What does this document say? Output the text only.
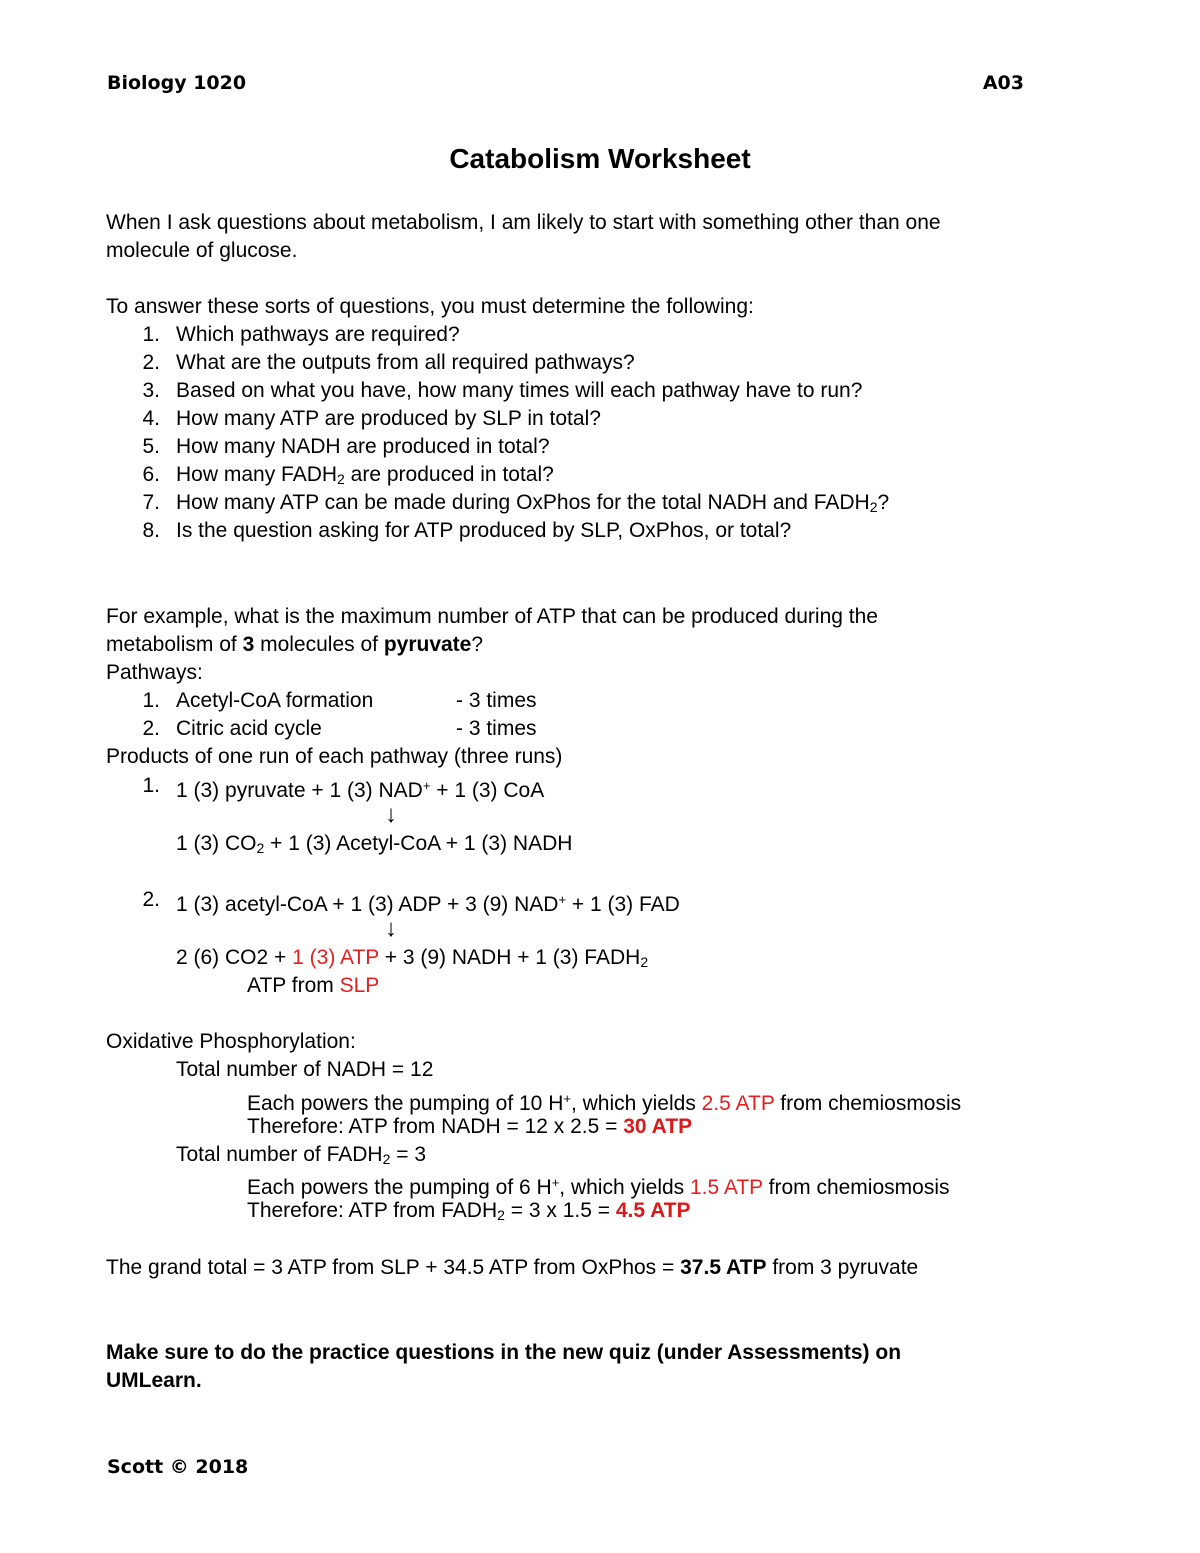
Biology 1020	A03
Catabolism Worksheet
When I ask questions about metabolism, I am likely to start with something other than one
molecule of glucose.
To answer these sorts of questions, you must determine the following:
1. Which pathways are required?
2. What are the outputs from all required pathways?
3. Based on what you have, how many times will each pathway have to run?
4. How many ATP are produced by SLP in total?
5. How many NADH are produced in total?
6. How many $FADH_2$ are produced in total?
7. How many ATP can be made during OxPhos for the total NADH and $FADH_2$?
8. Is the question asking for ATP produced by SLP, OxPhos, or total?
For example, what is the maximum number of ATP that can be produced during the
metabolism of 3 molecules of pyruvate?
Pathways:
1. Acetyl-CoA formation	- 3 times
2. Citric acid cycle	- 3 times
Products of one run of each pathway (three runs)
1. 1 (3) pyruvate + 1 (3) NAD+ + 1 (3) CoA
↓
1 (3) $CO_2 + 1$ (3) Acetyl-CoA + 1 (3) NADH
2. 1 (3) acetyl-CoA + 1 (3) ADP + 3 (9) NAD+ + 1 (3) FAD
↓
2 (6) CO2 + 1 (3) ATP + 3 (9) NADH + 1 (3) $FADH_2$
ATP from SLP
Oxidative Phosphorylation:
Total number of NADH = 12
Each powers the pumping of 10 H+, which yields 2.5 ATP from chemiosmosis
Therefore: ATP from NADH = 12 x 2.5 = 30 ATP
Total number of $FADH_2 = 3$
Each powers the pumping of 6 H+, which yields 1.5 ATP from chemiosmosis
Therefore: ATP from $FADH_2 = 3$ x 1.5 = 4.5 ATP
The grand total = 3 ATP from SLP + 34.5 ATP from OxPhos = 37.5 ATP from 3 pyruvate
Make sure to do the practice questions in the new quiz (under Assessments) on
UMLearn.
Scott © 2018
